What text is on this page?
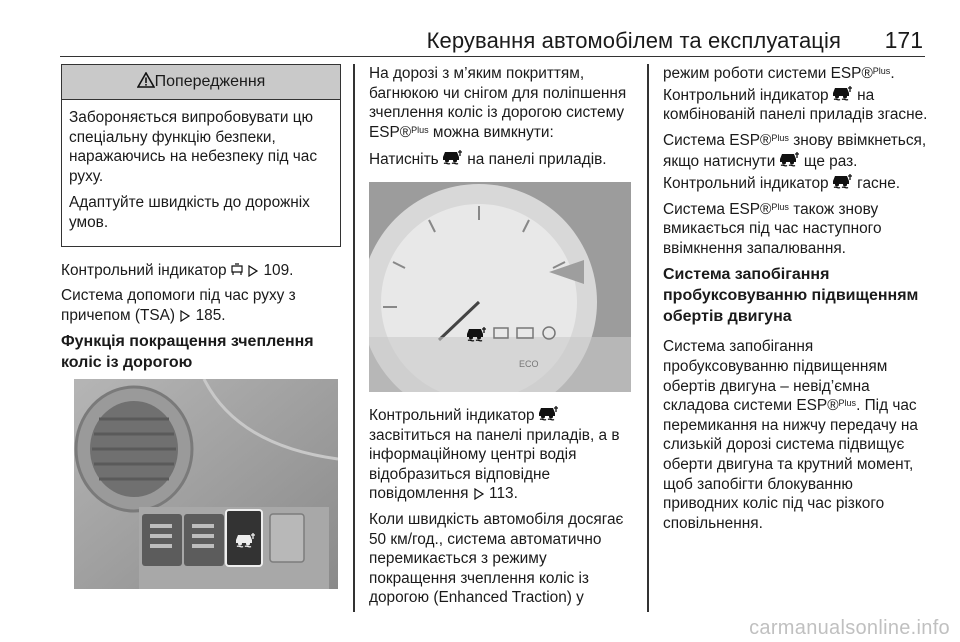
Керування автомобілем та експлуатація 171
Попередження

Забороняється випробовувати цю спеціальну функцію безпеки, наражаючись на небезпеку під час руху.

Адаптуйте швидкість до дорожніх умов.

Контрольний індикатор 109.

Система допомоги під час руху з причепом (TSA) 185.

Функція покращення зчеплення коліс із дорогою

На дорозі з м’яким покриттям, багнюкою чи снігом для поліпшення зчеплення коліс із дорогою систему ESP®$^{Plus}$ можна вимкнути:

Натисніть на панелі приладів.

ECO

Контрольний індикатор  засвітиться на панелі приладів, а в інформаційному центрі водія відобразиться відповідне повідомлення 113.

Коли швидкість автомобіля досягає 50 км/год., система автоматично перемикається з режиму покращення зчеплення коліс із дорогою (Enhanced Traction) у

режим роботи системи ESP®$^{Plus}$. Контрольний індикатор на комбінованій панелі приладів згасне.

Система ESP®$^{Plus}$ знову ввімкнеться, якщо натиснути ще раз. Контрольний індикатор гасне.

Система ESP®$^{Plus}$ також знову вмикається під час наступного ввімкнення запалювання.

Система запобігання пробуксовуванню підвищенням обертів двигуна

Система запобігання пробуксовуванню підвищенням обертів двигуна – невід’ємна складова системи ESP®$^{Plus}$. Під час перемикання на нижчу передачу на слизькій дорозі система підвищує оберти двигуна та крутний момент, щоб запобігти блокуванню приводних коліс під час різкого сповільнення.

carmanualsonline.info
